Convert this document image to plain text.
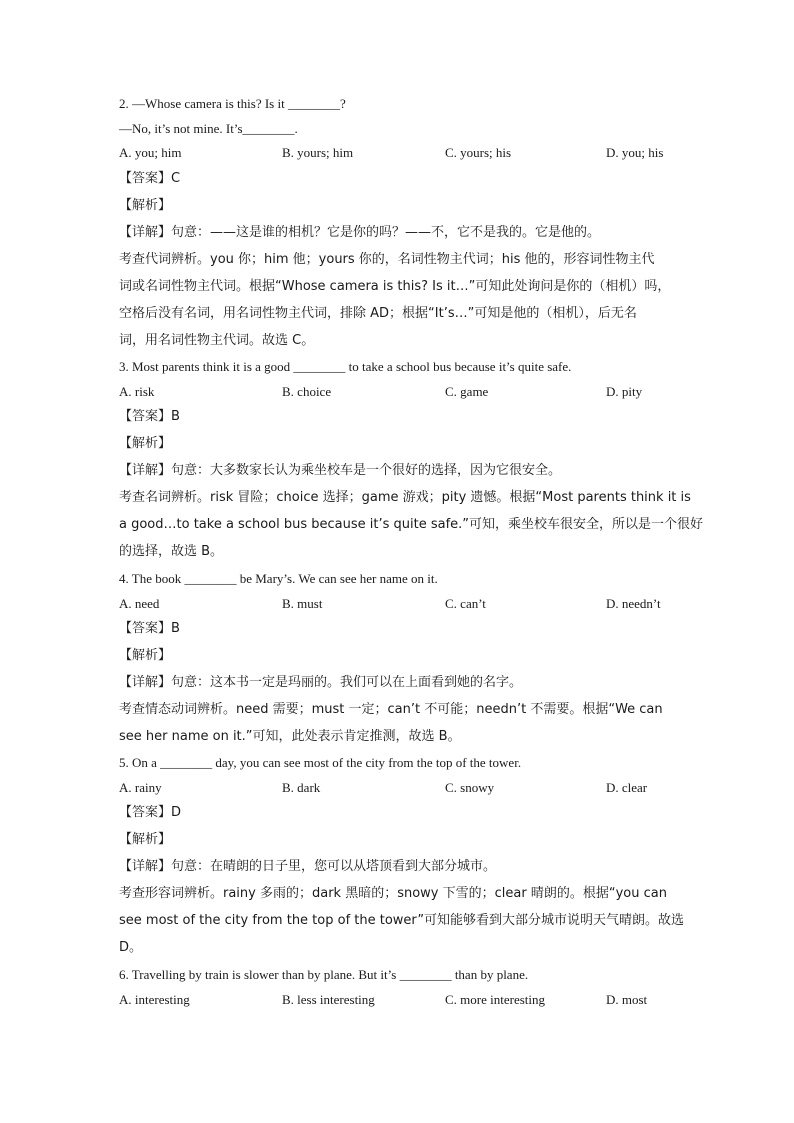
2. —Whose camera is this? Is it ________?
—No, it’s not mine. It’s________.
A. you; him	B. yours; him	C. yours; his	D. you; his
【答案】C
【解析】
【详解】句意：——这是谁的相机？它是你的吗？——不，它不是我的。它是他的。
考查代词辨析。you 你；him 他；yours 你的，名词性物主代词；his 他的，形容词性物主代
词或名词性物主代词。根据“Whose camera is this? Is it…”可知此处询问是你的（相机）吗，
空格后没有名词，用名词性物主代词，排除 AD；根据“It’s…”可知是他的（相机），后无名
词，用名词性物主代词。故选 C。
3. Most parents think it is a good ________ to take a school bus because it’s quite safe.
A. risk	B. choice	C. game	D. pity
【答案】B
【解析】
【详解】句意：大多数家长认为乘坐校车是一个很好的选择，因为它很安全。
考查名词辨析。risk 冒险；choice 选择；game 游戏；pity 遗憾。根据“Most parents think it is
a good…to take a school bus because it’s quite safe.”可知，乘坐校车很安全，所以是一个很好
的选择，故选 B。
4. The book ________ be Mary’s. We can see her name on it.
A. need	B. must	C. can’t	D. needn’t
【答案】B
【解析】
【详解】句意：这本书一定是玛丽的。我们可以在上面看到她的名字。
考查情态动词辨析。need 需要；must 一定；can’t 不可能；needn’t 不需要。根据“We can
see her name on it.”可知，此处表示肯定推测，故选 B。
5. On a ________ day, you can see most of the city from the top of the tower.
A. rainy	B. dark	C. snowy	D. clear
【答案】D
【解析】
【详解】句意：在晴朗的日子里，您可以从塔顶看到大部分城市。
考查形容词辨析。rainy 多雨的；dark 黑暗的；snowy 下雪的；clear 晴朗的。根据“you can
see most of the city from the top of the tower”可知能够看到大部分城市说明天气晴朗。故选
D。
6. Travelling by train is slower than by plane. But it’s ________ than by plane.
A. interesting	B. less interesting	C. more interesting	D. most
